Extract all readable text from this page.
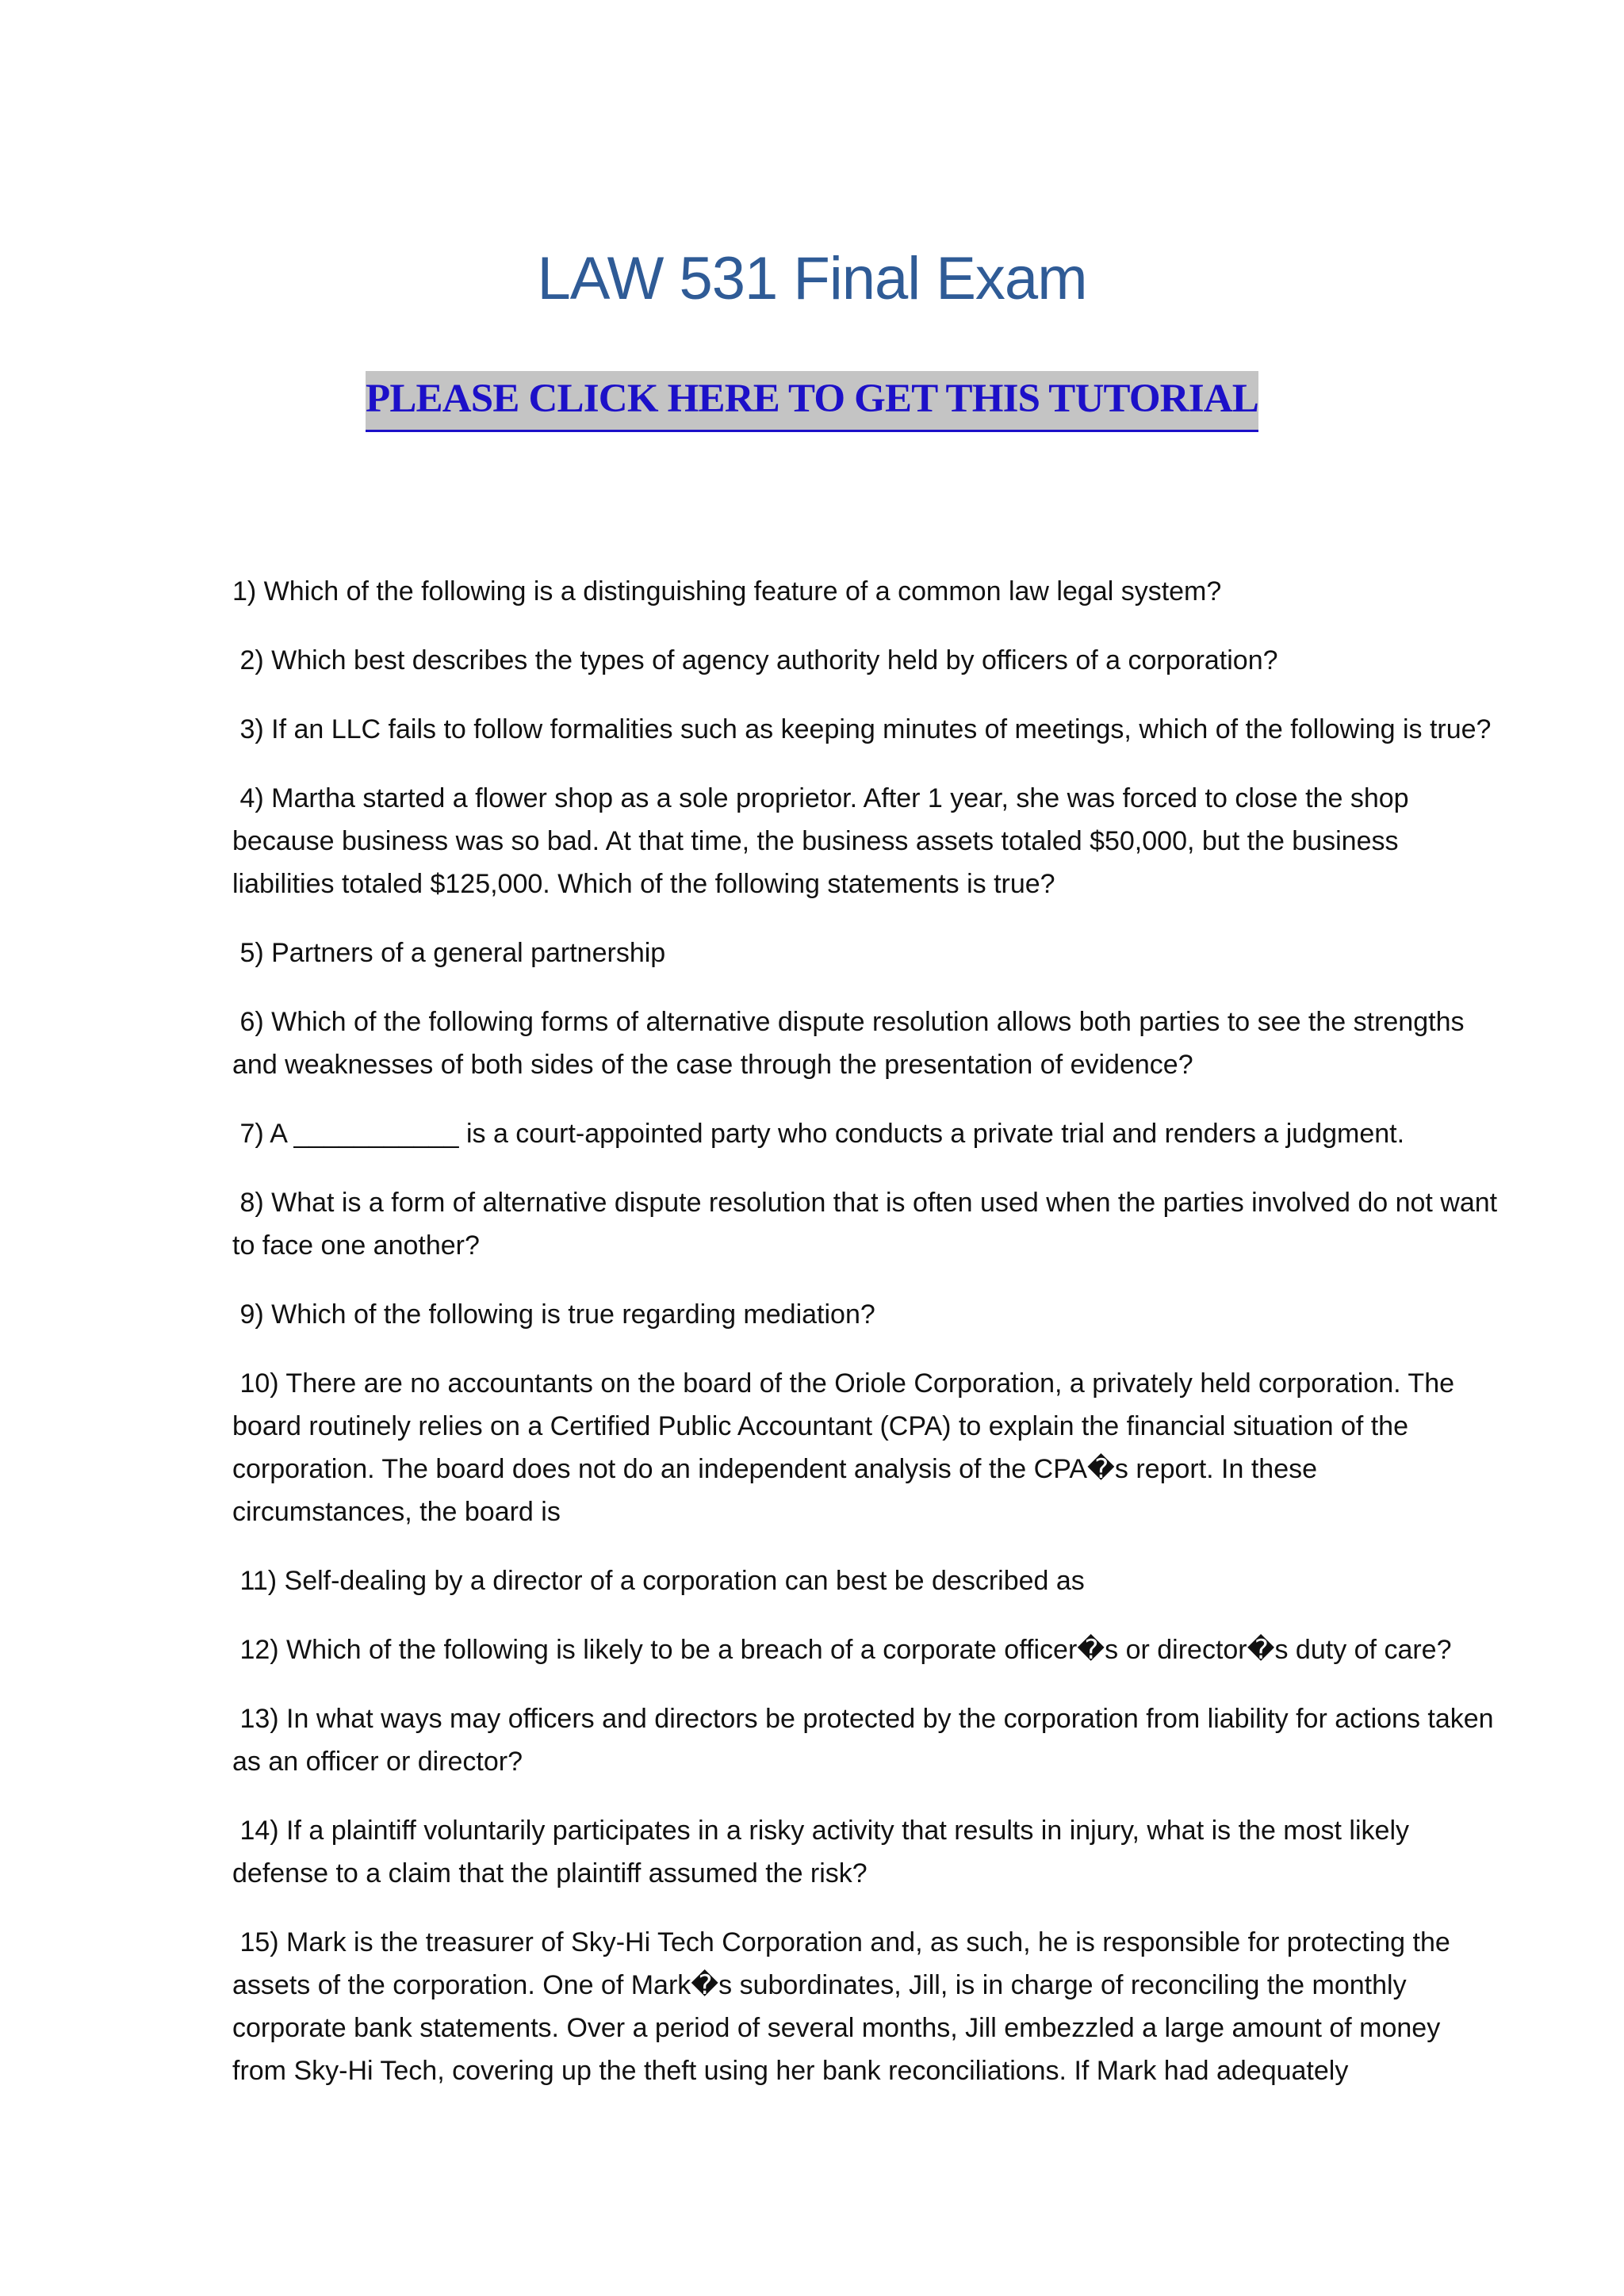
LAW 531 Final Exam
PLEASE CLICK HERE TO GET THIS TUTORIAL

1) Which of the following is a distinguishing feature of a common law legal system?

2) Which best describes the types of agency authority held by officers of a corporation?

3) If an LLC fails to follow formalities such as keeping minutes of meetings, which of the following is true?

4) Martha started a flower shop as a sole proprietor. After 1 year, she was forced to close the shop because business was so bad. At that time, the business assets totaled $50,000, but the business liabilities totaled $125,000. Which of the following statements is true?

5) Partners of a general partnership

6) Which of the following forms of alternative dispute resolution allows both parties to see the strengths and weaknesses of both sides of the case through the presentation of evidence?

7) A ___________ is a court-appointed party who conducts a private trial and renders a judgment.

8) What is a form of alternative dispute resolution that is often used when the parties involved do not want to face one another?

9) Which of the following is true regarding mediation?

10) There are no accountants on the board of the Oriole Corporation, a privately held corporation. The board routinely relies on a Certified Public Accountant (CPA) to explain the financial situation of the corporation. The board does not do an independent analysis of the CPA�s report. In these circumstances, the board is

11) Self-dealing by a director of a corporation can best be described as

12) Which of the following is likely to be a breach of a corporate officer�s or director�s duty of care?

13) In what ways may officers and directors be protected by the corporation from liability for actions taken as an officer or director?

14) If a plaintiff voluntarily participates in a risky activity that results in injury, what is the most likely defense to a claim that the plaintiff assumed the risk?

15) Mark is the treasurer of Sky-Hi Tech Corporation and, as such, he is responsible for protecting the assets of the corporation. One of Mark�s subordinates, Jill, is in charge of reconciling the monthly corporate bank statements. Over a period of several months, Jill embezzled a large amount of money from Sky-Hi Tech, covering up the theft using her bank reconciliations. If Mark had adequately
